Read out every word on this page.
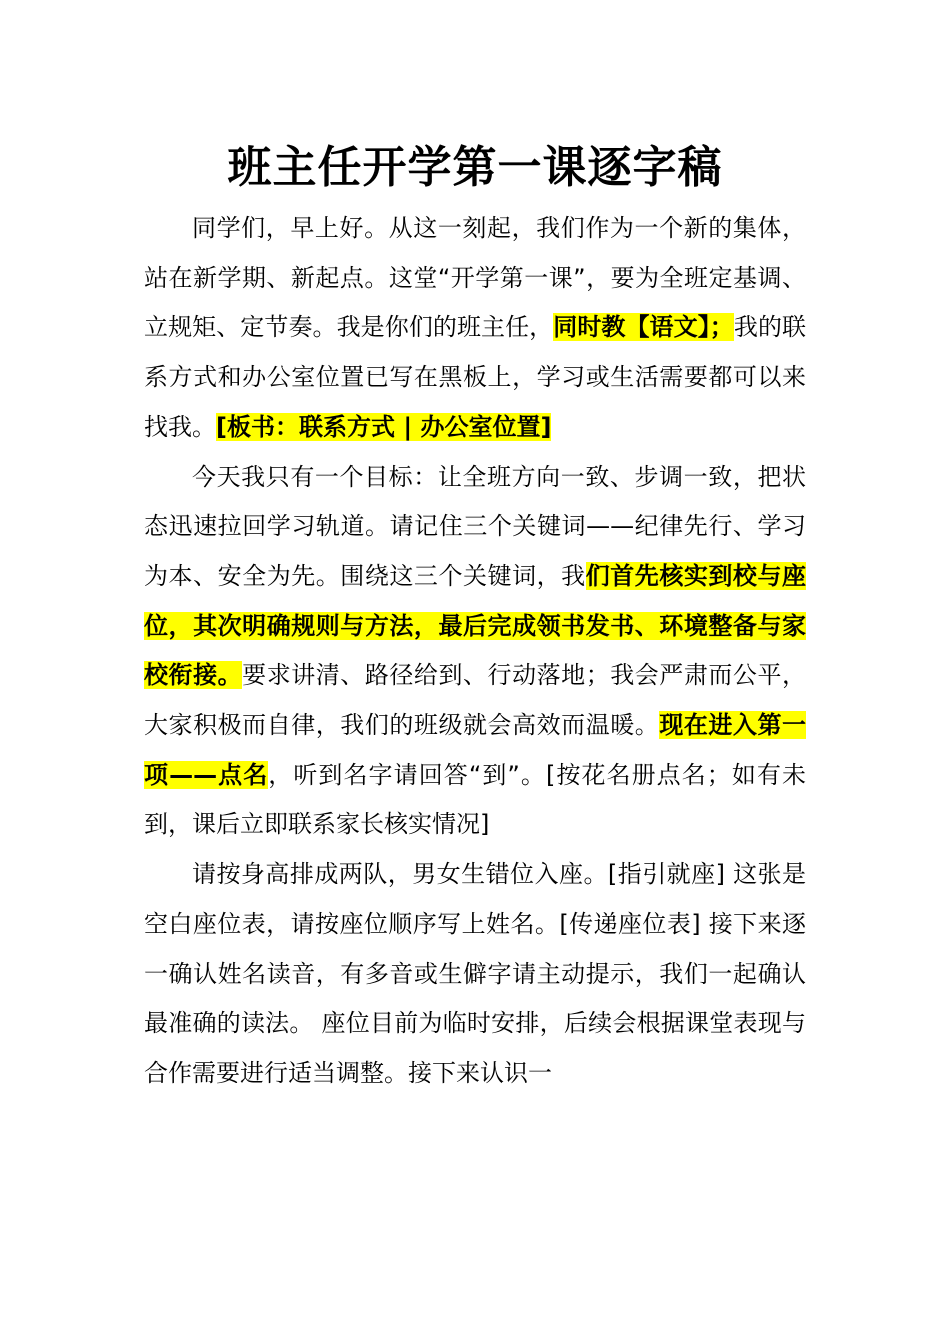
班主任开学第一课逐字稿

同学们，早上好。从这一刻起，我们作为一个新的集体，站在新学期、新起点。这堂“开学第一课”，要为全班定基调、立规矩、定节奏。我是你们的班主任，同时教【语文】；我的联系方式和办公室位置已写在黑板上，学习或生活需要都可以来找我。[板书：联系方式 | 办公室位置]

今天我只有一个目标：让全班方向一致、步调一致，把状态迅速拉回学习轨道。请记住三个关键词——纪律先行、学习为本、安全为先。围绕这三个关键词，我们首先核实到校与座位，其次明确规则与方法，最后完成领书发书、环境整备与家校衔接。要求讲清、路径给到、行动落地；我会严肃而公平，大家积极而自律，我们的班级就会高效而温暖。现在进入第一项——点名，听到名字请回答“到”。[按花名册点名；如有未到，课后立即联系家长核实情况]

请按身高排成两队，男女生错位入座。[指引就座] 这张是空白座位表，请按座位顺序写上姓名。[传递座位表] 接下来逐一确认姓名读音，有多音或生僻字请主动提示，我们一起确认最准确的读法。 座位目前为临时安排，后续会根据课堂表现与合作需要进行适当调整。接下来认识一
